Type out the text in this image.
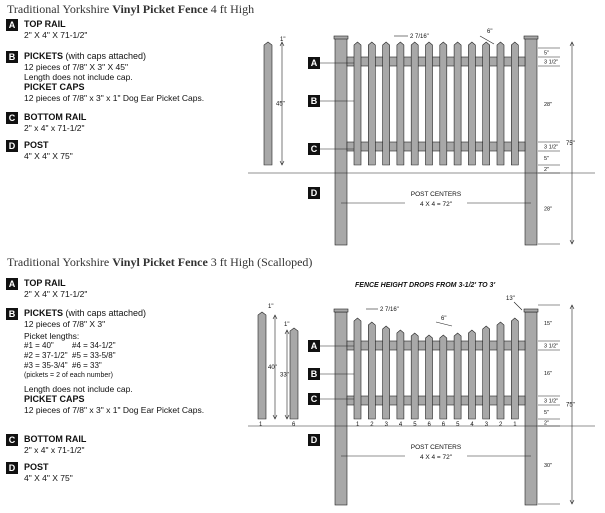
Traditional Yorkshire Vinyl Picket Fence 4 ft High
A TOP RAIL
2" X 4" X 71-1/2"
B PICKETS (with caps attached)
12 pieces of 7/8" X 3" X 45"
Length does not include cap.
PICKET CAPS
12 pieces of 7/8" x 3" x 1" Dog Ear Picket Caps.
C BOTTOM RAIL
2" x 4" x 71-1/2"
D POST
4" X 4" X 75"
45"
1"
A
B
C
D
2 7/16"
6"
5"
3 1/2"
28"
3 1/2"
5"
2"
28"
75"
POST CENTERS
4 X 4 = 72"
Traditional Yorkshire Vinyl Picket Fence 3 ft High (Scalloped)
A TOP RAIL
2" X 4" X 71-1/2"
B PICKETS (with caps attached)
12 pieces of 7/8" X 3"
Picket lengths:
#1 = 40" #4 = 34-1/2"
#2 = 37-1/2" #5 = 33-5/8"
#3 = 35-3/4" #6 = 33"
(pickets = 2 of each number)
Length does not include cap.
PICKET CAPS
12 pieces of 7/8" x 3" x 1" Dog Ear Picket Caps.
C BOTTOM RAIL
2" x 4" x 71-1/2"
D POST
4" X 4" X 75"
FENCE HEIGHT DROPS FROM 3-1/2' TO 3'
1	6
1"
1"
40"
33"
1 2 3 4 5 6 6 5 4 3 2 1
A
B
C
D
2 7/16"
6"
13"
15"
3 1/2"
16"
3 1/2"
5"
2"
30"
75"
POST CENTERS
4 X 4 = 72"
